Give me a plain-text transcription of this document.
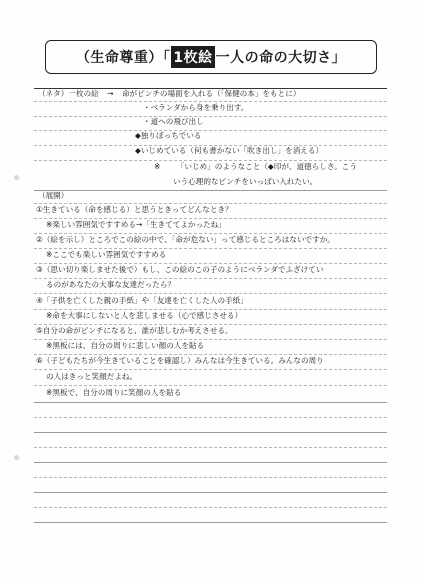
（生命尊重）「 1枚絵 一人の命の大切さ」
（ネタ）一枚の絵 → 命がピンチの場面を入れる（「保健の本」をもとに）
・ベランダから身を乗り出す。
・道への飛び出し
◆独りぼっちでいる
◆いじめている（何も書かない「吹き出し」を消える）
※ 「いじめ」のようなこと（◆印が、道徳らしさ。こう
いう心理的なピンチをいっぱい入れたい。
（展開）
①生きている（命を感じる）と思うときってどんなとき？
※楽しい雰囲気ですすめる→「生きててよかったね」
②（絵を示し）ところでこの絵の中で、「命が危ない」って感じるところはないですか。
※ここでも楽しい雰囲気ですすめる
③（思い切り楽しませた後で）もし、この絵のこの子のようにベランダでふざけてい
るのがあなたの大事な友達だったら？
④「子供を亡くした親の手紙」や「友達を亡くした人の手紙」
※命を大事にしないと人を悲しませる（心で感じさせる）
⑤自分の命がピンチになると、誰が悲しむか考えさせる。
※黒板には、自分の周りに悲しい顔の人を貼る
⑥（子どもたちが今生きていることを確認し）みんなは今生きている。みんなの周り
の人はきっと笑顔だよね。
※黒板で、自分の周りに笑顔の人を貼る
